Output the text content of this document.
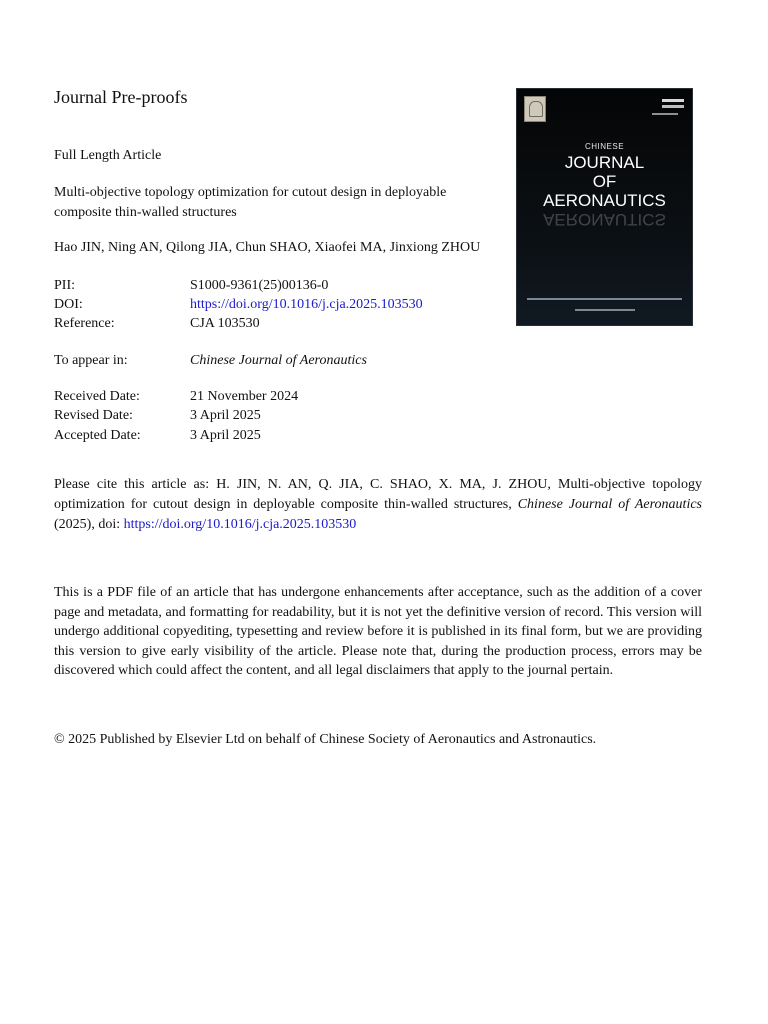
Journal Pre-proofs
Full Length Article
Multi-objective topology optimization for cutout design in deployable composite thin-walled structures
Hao JIN, Ning AN, Qilong JIA, Chun SHAO, Xiaofei MA, Jinxiong ZHOU
PII:	S1000-9361(25)00136-0
DOI:	https://doi.org/10.1016/j.cja.2025.103530
Reference:	CJA 103530
To appear in:	Chinese Journal of Aeronautics
Received Date:	21 November 2024
Revised Date:	3 April 2025
Accepted Date:	3 April 2025
Please cite this article as: H. JIN, N. AN, Q. JIA, C. SHAO, X. MA, J. ZHOU, Multi-objective topology optimization for cutout design in deployable composite thin-walled structures, Chinese Journal of Aeronautics (2025), doi: https://doi.org/10.1016/j.cja.2025.103530
This is a PDF file of an article that has undergone enhancements after acceptance, such as the addition of a cover page and metadata, and formatting for readability, but it is not yet the definitive version of record. This version will undergo additional copyediting, typesetting and review before it is published in its final form, but we are providing this version to give early visibility of the article. Please note that, during the production process, errors may be discovered which could affect the content, and all legal disclaimers that apply to the journal pertain.
© 2025 Published by Elsevier Ltd on behalf of Chinese Society of Aeronautics and Astronautics.
CHINESE
JOURNAL
OF
AERONAUTICS
AERONAUTICS
